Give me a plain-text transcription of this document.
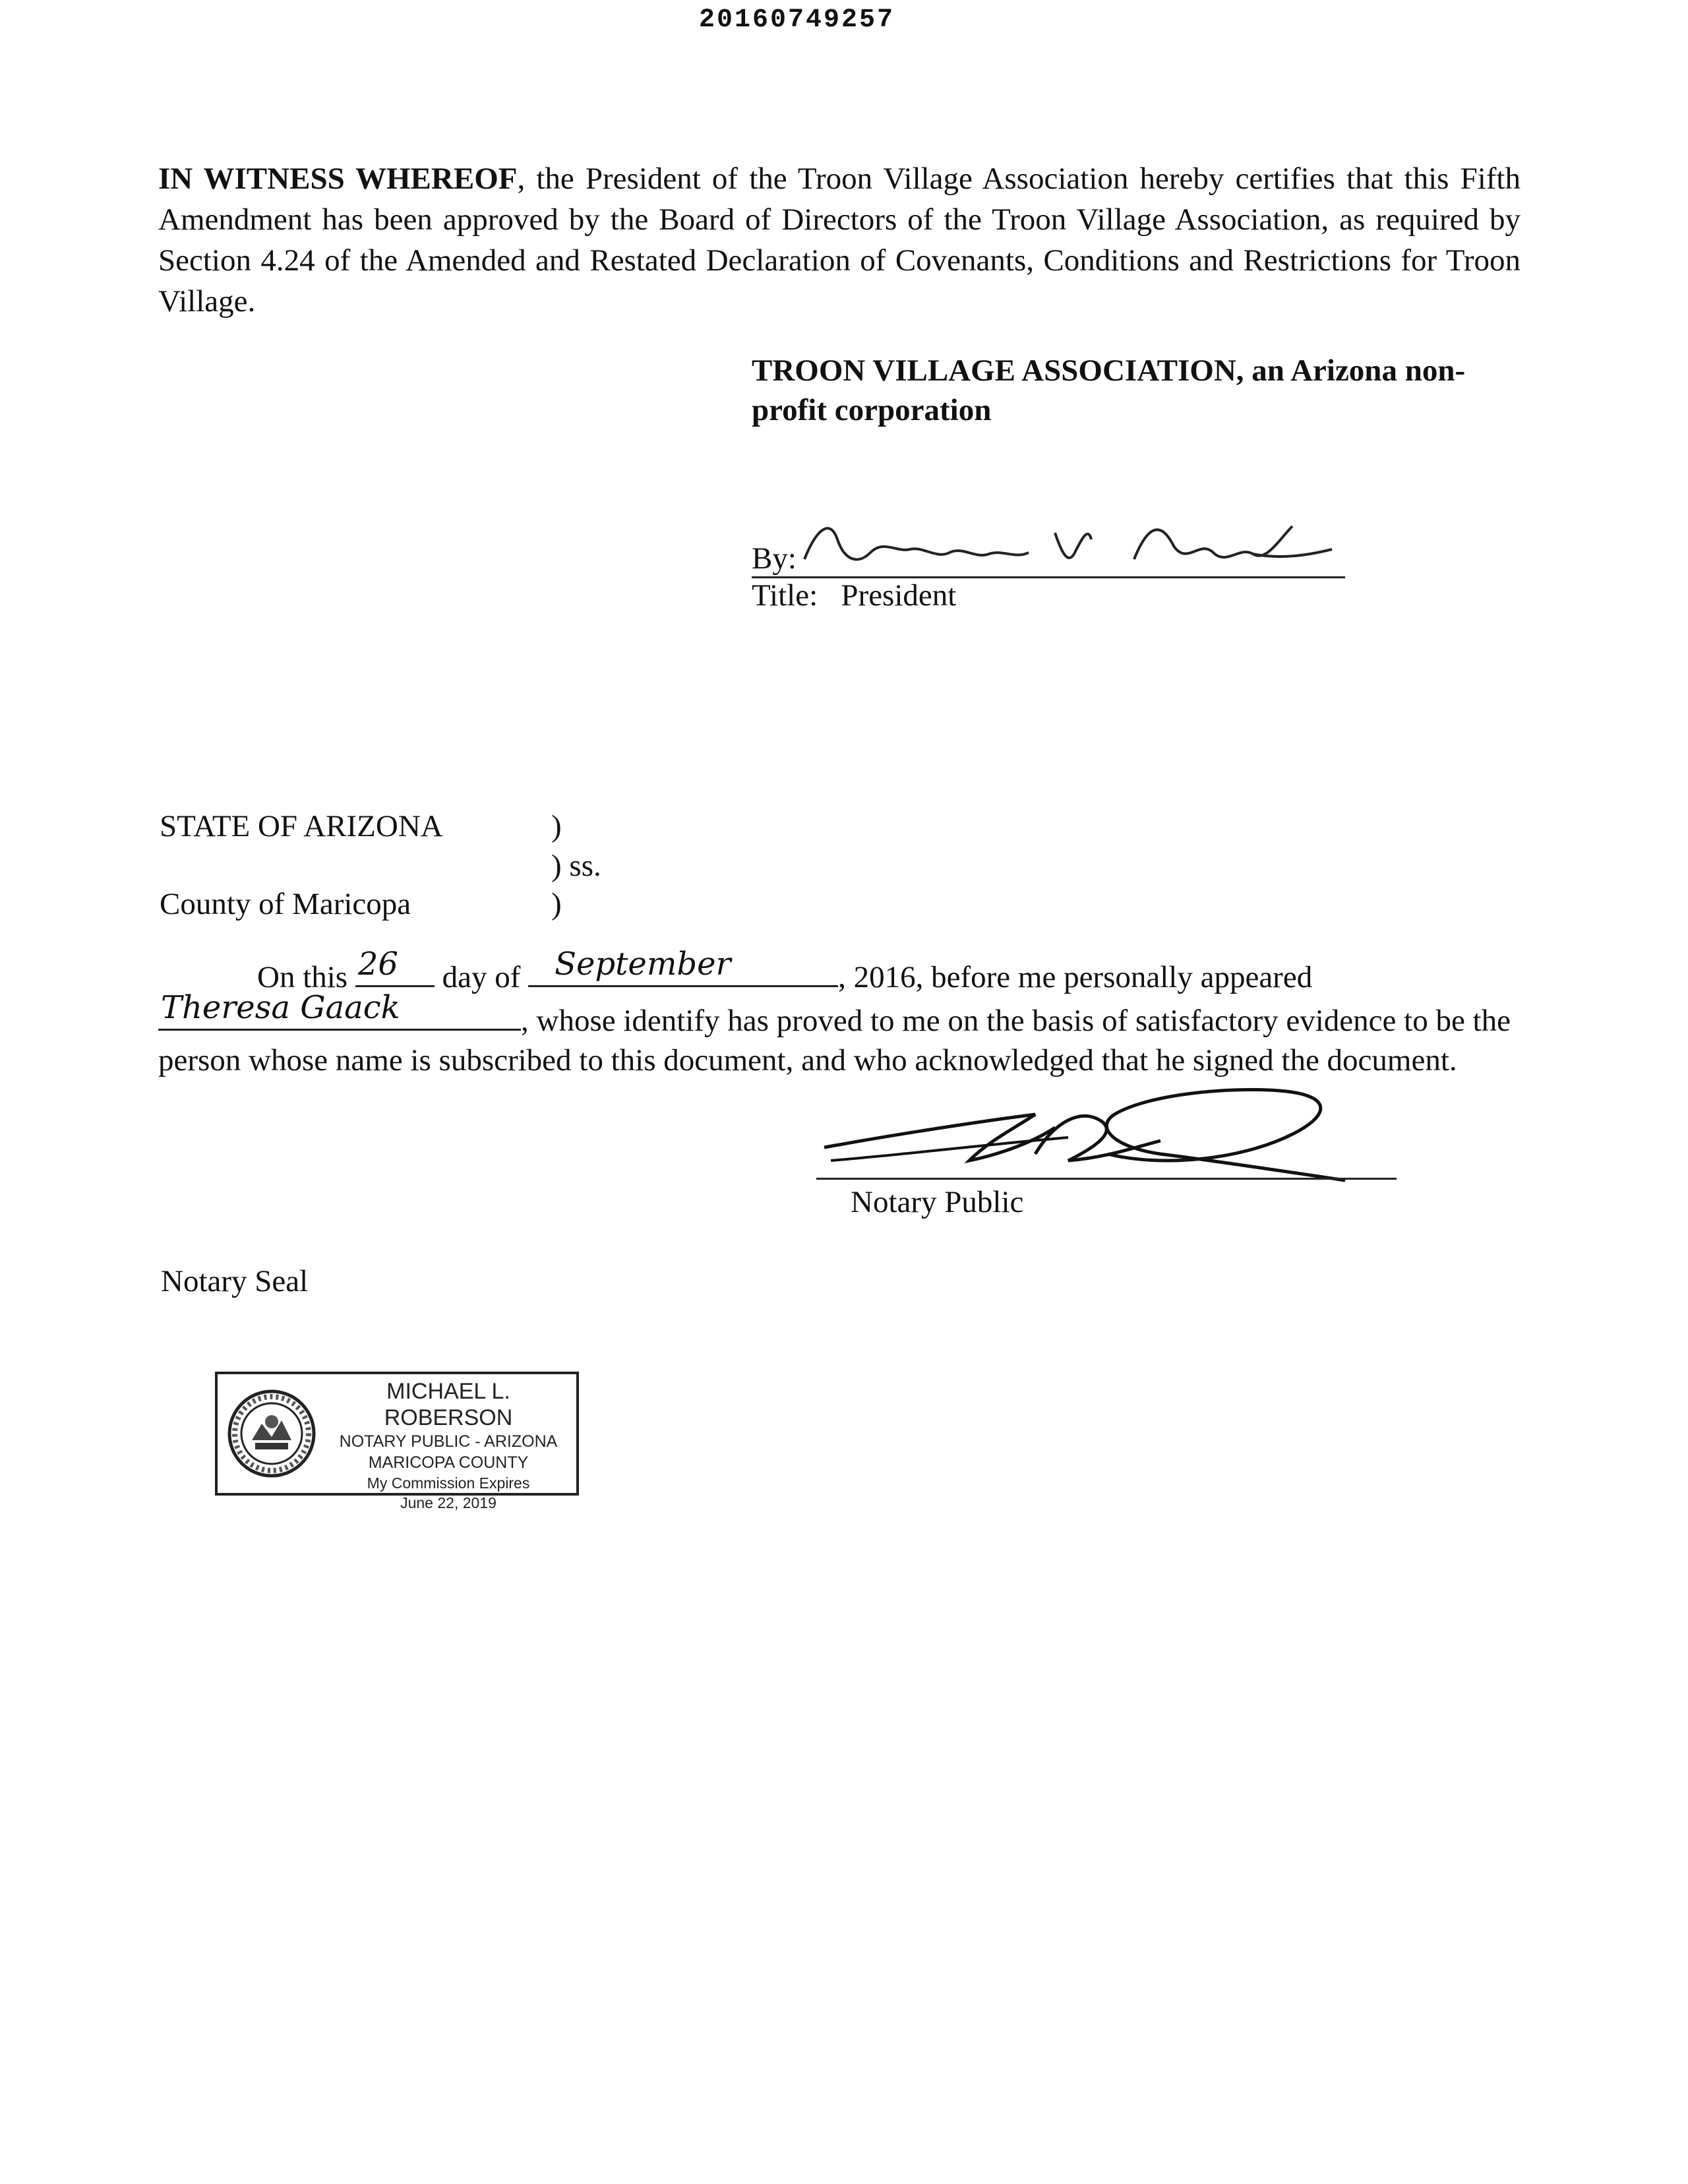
20160749257
IN WITNESS WHEREOF, the President of the Troon Village Association hereby certifies that this Fifth Amendment has been approved by the Board of Directors of the Troon Village Association, as required by Section 4.24 of the Amended and Restated Declaration of Covenants, Conditions and Restrictions for Troon Village.
TROON VILLAGE ASSOCIATION, an Arizona non-profit corporation
By:
Title: President
STATE OF ARIZONA	)
) ss.
County of Maricopa	)
On this 26 day of September	, 2016, before me personally appeared

Theresa Gaack	, whose identify has proved to me on the basis of satisfactory evidence to be the person whose name is subscribed to this document, and who acknowledged that he signed the document.
Notary Public
Notary Seal
MICHAEL L. ROBERSON
NOTARY PUBLIC - ARIZONA
MARICOPA COUNTY
My Commission Expires
June 22, 2019
